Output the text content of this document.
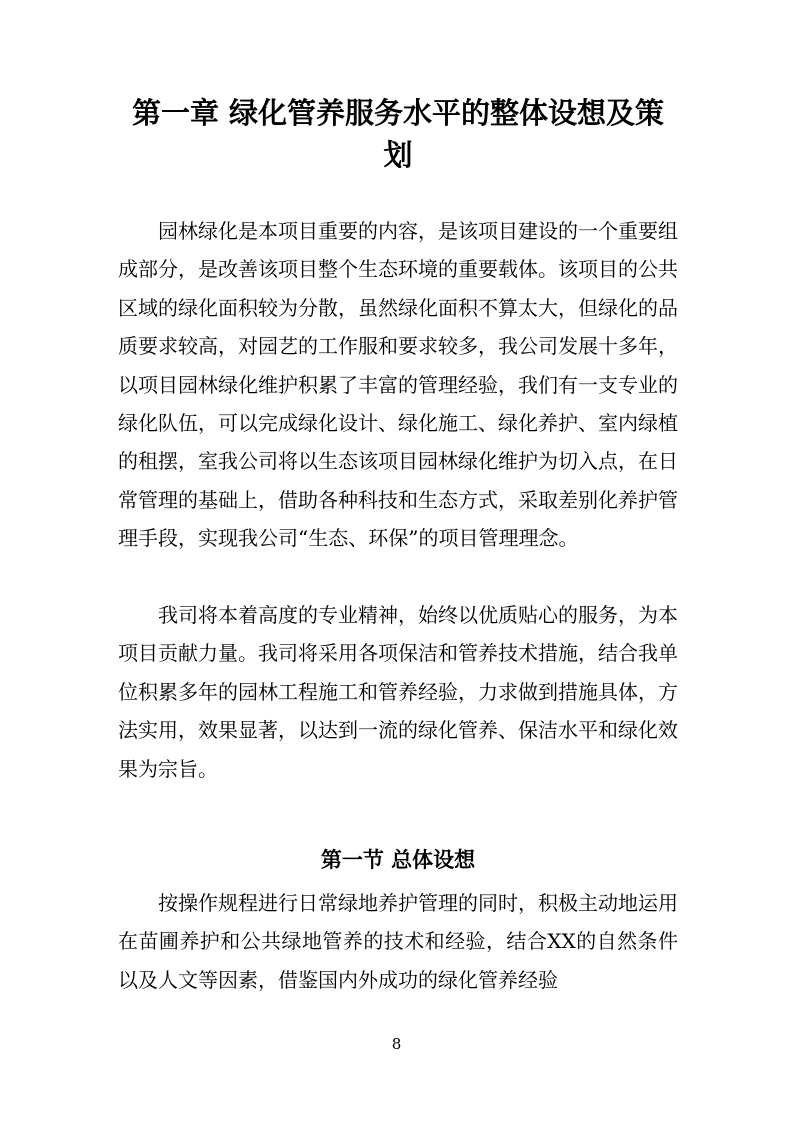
第一章 绿化管养服务水平的整体设想及策划

园林绿化是本项目重要的内容，是该项目建设的一个重要组成部分，是改善该项目整个生态环境的重要载体。该项目的公共区域的绿化面积较为分散，虽然绿化面积不算太大，但绿化的品质要求较高，对园艺的工作服和要求较多，我公司发展十多年，以项目园林绿化维护积累了丰富的管理经验，我们有一支专业的绿化队伍，可以完成绿化设计、绿化施工、绿化养护、室内绿植的租摆，室我公司将以生态该项目园林绿化维护为切入点，在日常管理的基础上，借助各种科技和生态方式，采取差别化养护管理手段，实现我公司“生态、环保”的项目管理理念。

我司将本着高度的专业精神，始终以优质贴心的服务，为本项目贡献力量。我司将采用各项保洁和管养技术措施，结合我单位积累多年的园林工程施工和管养经验，力求做到措施具体，方法实用，效果显著，以达到一流的绿化管养、保洁水平和绿化效果为宗旨。

第一节 总体设想

按操作规程进行日常绿地养护管理的同时，积极主动地运用在苗圃养护和公共绿地管养的技术和经验，结合XX的自然条件以及人文等因素，借鉴国内外成功的绿化管养经验

8
